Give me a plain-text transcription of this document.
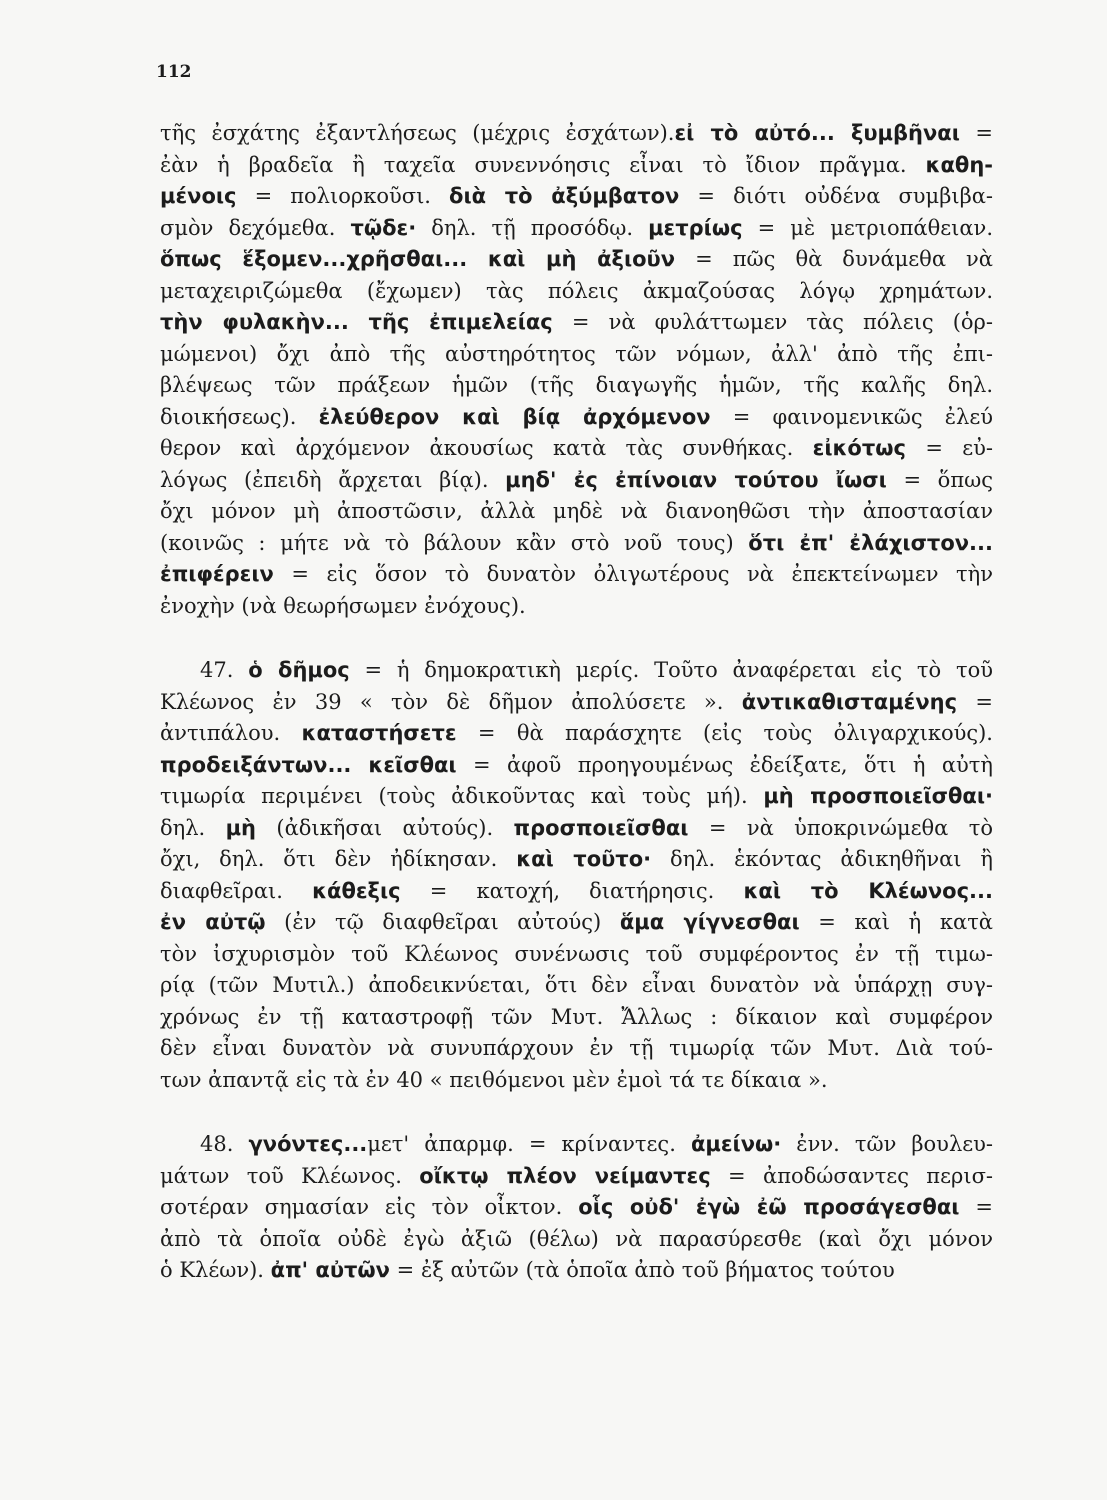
112
τῆς ἐσχάτης ἐξαντλήσεως (μέχρις ἐσχάτων).εἰ τὸ αὐτό... ξυμβῆναι =
ἐὰν ἡ βραδεῖα ἢ ταχεῖα συνεννόησις εἶναι τὸ ἴδιον πρᾶγμα. καθη-
μένοις = πολιορκοῦσι. διὰ τὸ ἀξύμβατον = διότι οὐδένα συμβιβα-
σμὸν δεχόμεθα. τῷδε· δηλ. τῇ προσόδῳ. μετρίως = μὲ μετριοπάθειαν.
ὅπως ἕξομεν...χρῆσθαι... καὶ μὴ ἀξιοῦν = πῶς θὰ δυνάμεθα νὰ
μεταχειριζώμεθα (ἔχωμεν) τὰς πόλεις ἀκμαζούσας λόγῳ χρημάτων.
τὴν φυλακὴν... τῆς ἐπιμελείας = νὰ φυλάττωμεν τὰς πόλεις (ὁρ-
μώμενοι) ὄχι ἀπὸ τῆς αὐστηρότητος τῶν νόμων, ἀλλ' ἀπὸ τῆς ἐπι-
βλέψεως τῶν πράξεων ἡμῶν (τῆς διαγωγῆς ἡμῶν, τῆς καλῆς δηλ.
διοικήσεως). ἐλεύθερον καὶ βίᾳ ἀρχόμενον = φαινομενικῶς ἐλεύ
θερον καὶ ἀρχόμενον ἀκουσίως κατὰ τὰς συνθήκας. εἰκότως = εὐ-
λόγως (ἐπειδὴ ἄρχεται βίᾳ). μηδ' ἐς ἐπίνοιαν τούτου ἴωσι = ὅπως
ὄχι μόνον μὴ ἀποστῶσιν, ἀλλὰ μηδὲ νὰ διανοηθῶσι τὴν ἀποστασίαν
(κοινῶς : μήτε νὰ τὸ βάλουν κἂν στὸ νοῦ τους) ὅτι ἐπ' ἐλάχιστον...
ἐπιφέρειν = εἰς ὅσον τὸ δυνατὸν ὀλιγωτέρους νὰ ἐπεκτείνωμεν τὴν
ἐνοχὴν (νὰ θεωρήσωμεν ἐνόχους).
47. ὁ δῆμος = ἡ δημοκρατικὴ μερίς. Τοῦτο ἀναφέρεται εἰς τὸ τοῦ
Κλέωνος ἐν 39 « τὸν δὲ δῆμον ἀπολύσετε ». ἀντικαθισταμένης =
ἀντιπάλου. καταστήσετε = θὰ παράσχητε (εἰς τοὺς ὀλιγαρχικούς).
προδειξάντων... κεῖσθαι = ἀφοῦ προηγουμένως ἐδείξατε, ὅτι ἡ αὐτὴ
τιμωρία περιμένει (τοὺς ἀδικοῦντας καὶ τοὺς μή). μὴ προσποιεῖσθαι·
δηλ. μὴ (ἀδικῆσαι αὐτούς). προσποιεῖσθαι = νὰ ὑποκρινώμεθα τὸ
ὄχι, δηλ. ὅτι δὲν ἠδίκησαν. καὶ τοῦτο· δηλ. ἑκόντας ἀδικηθῆναι ἢ
διαφθεῖραι. κάθεξις = κατοχή, διατήρησις. καὶ τὸ Κλέωνος...
ἐν αὐτῷ (ἐν τῷ διαφθεῖραι αὐτούς) ἅμα γίγνεσθαι = καὶ ἡ κατὰ
τὸν ἰσχυρισμὸν τοῦ Κλέωνος συνένωσις τοῦ συμφέροντος ἐν τῇ τιμω-
ρίᾳ (τῶν Μυτιλ.) ἀποδεικνύεται, ὅτι δὲν εἶναι δυνατὸν νὰ ὑπάρχῃ συγ-
χρόνως ἐν τῇ καταστροφῇ τῶν Μυτ. Ἄλλως : δίκαιον καὶ συμφέρον
δὲν εἶναι δυνατὸν νὰ συνυπάρχουν ἐν τῇ τιμωρίᾳ τῶν Μυτ. Διὰ τού-
των ἀπαντᾷ εἰς τὰ ἐν 40 « πειθόμενοι μὲν ἐμοὶ τά τε δίκαια ».
48. γνόντες...μετ' ἀπαρμφ. = κρίναντες. ἀμείνω· ἐνν. τῶν βουλευ-
μάτων τοῦ Κλέωνος. οἴκτῳ πλέον νείμαντες = ἀποδώσαντες περισ-
σοτέραν σημασίαν εἰς τὸν οἶκτον. οἷς οὐδ' ἐγὼ ἐῶ προσάγεσθαι =
ἀπὸ τὰ ὁποῖα οὐδὲ ἐγὼ ἀξιῶ (θέλω) νὰ παρασύρεσθε (καὶ ὄχι μόνον
ὁ Κλέων). ἀπ' αὐτῶν = ἐξ αὐτῶν (τὰ ὁποῖα ἀπὸ τοῦ βήματος τούτου
